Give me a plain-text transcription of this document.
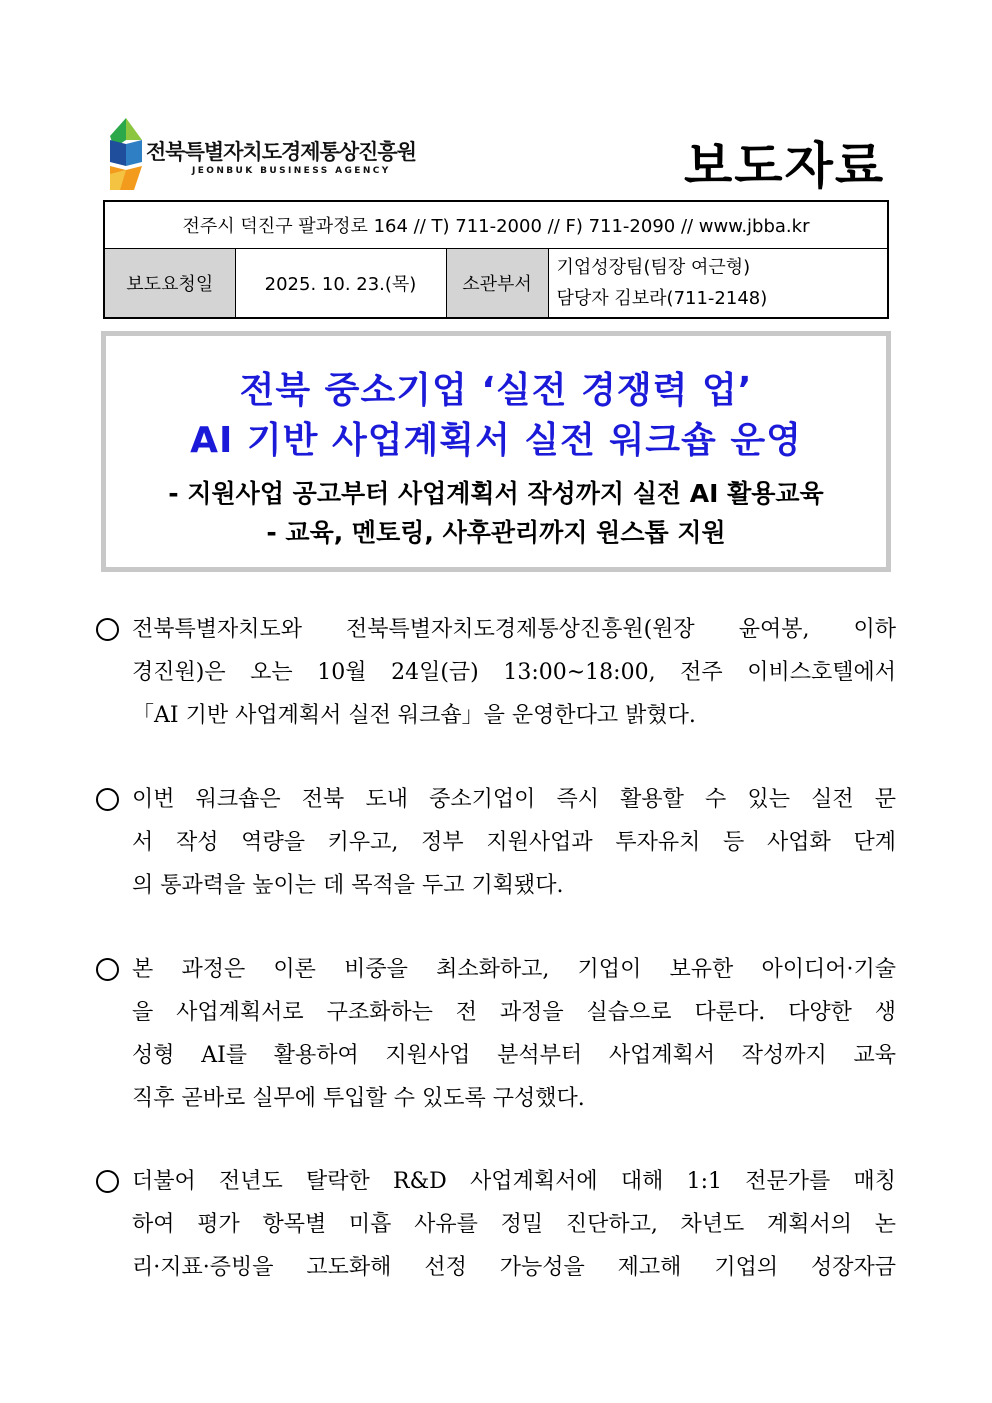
전북특별자치도경제통상진흥원
JEONBUK BUSINESS AGENCY	보도자료
전주시 덕진구 팔과정로 164 // T) 711-2000 // F) 711-2090 // www.jbba.kr
보도요청일	2025. 10. 23.(목)	소관부서	
기업성장팀(팀장 여근형)
담당자 김보라(711-2148)
전북 중소기업 ‘실전 경쟁력 업’
AI 기반 사업계획서 실전 워크숍 운영
- 지원사업 공고부터 사업계획서 작성까지 실전 AI 활용교육
- 교육, 멘토링, 사후관리까지 원스톱 지원
전북특별자치도와 전북특별자치도경제통상진흥원(원장 윤여봉, 이하
경진원)은 오는 10월 24일(금) 13:00~18:00, 전주 이비스호텔에서
「AI 기반 사업계획서 실전 워크숍」을 운영한다고 밝혔다.
이번 워크숍은 전북 도내 중소기업이 즉시 활용할 수 있는 실전 문
서 작성 역량을 키우고, 정부 지원사업과 투자유치 등 사업화 단계
의 통과력을 높이는 데 목적을 두고 기획됐다.
본 과정은 이론 비중을 최소화하고, 기업이 보유한 아이디어·기술
을 사업계획서로 구조화하는 전 과정을 실습으로 다룬다. 다양한 생
성형 AI를 활용하여 지원사업 분석부터 사업계획서 작성까지 교육
직후 곧바로 실무에 투입할 수 있도록 구성했다.
더불어 전년도 탈락한 R&D 사업계획서에 대해 1:1 전문가를 매칭
하여 평가 항목별 미흡 사유를 정밀 진단하고, 차년도 계획서의 논
리·지표·증빙을 고도화해 선정 가능성을 제고해 기업의 성장자금
